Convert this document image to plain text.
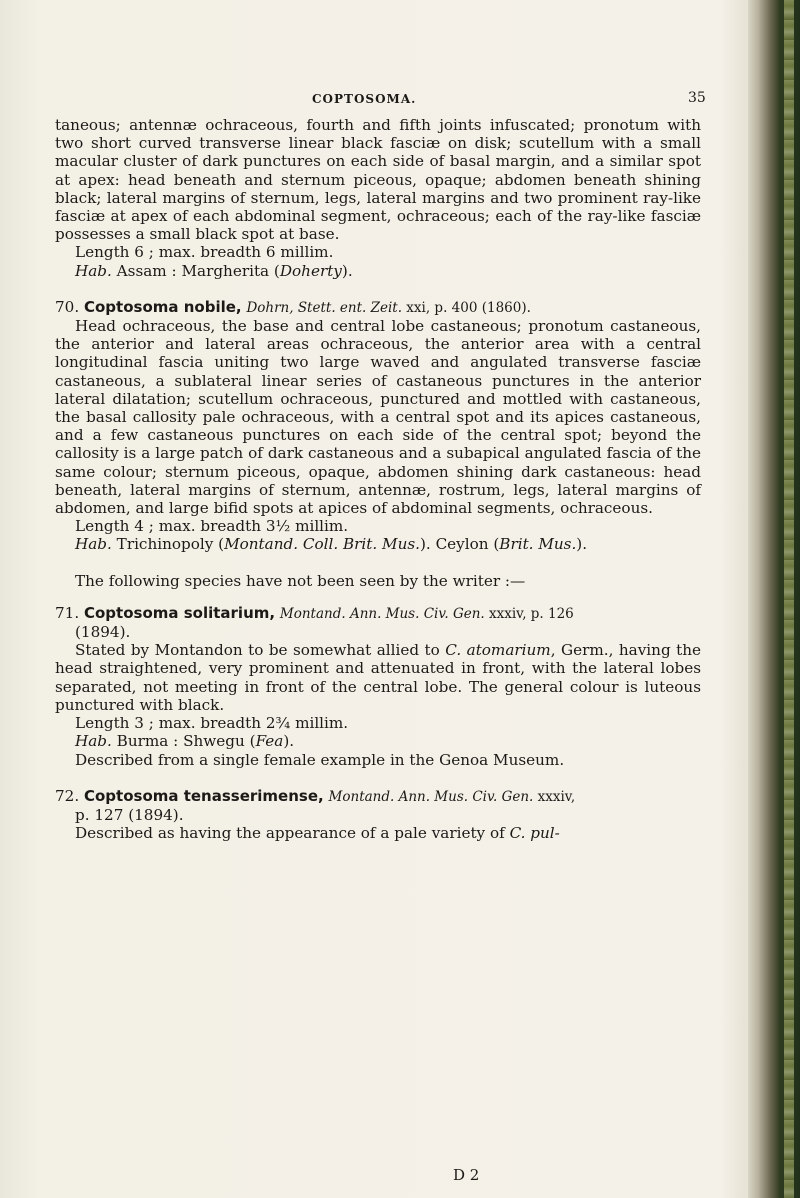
COPTOSOMA.	35

taneous; antennæ ochraceous, fourth and fifth joints infuscated; pronotum with two short curved transverse linear black fasciæ on disk; scutellum with a small macular cluster of dark punctures on each side of basal margin, and a similar spot at apex: head beneath and sternum piceous, opaque; abdomen beneath shining black; lateral margins of sternum, legs, lateral margins and two prominent ray-like fasciæ at apex of each abdominal segment, ochraceous; each of the ray-like fasciæ possesses a small black spot at base.

Length 6 ; max. breadth 6 millim.

Hab. Assam : Margherita (Doherty).

70. Coptosoma nobile, Dohrn, Stett. ent. Zeit. xxi, p. 400 (1860).

Head ochraceous, the base and central lobe castaneous; pronotum castaneous, the anterior and lateral areas ochraceous, the anterior area with a central longitudinal fascia uniting two large waved and angulated transverse fasciæ castaneous, a sublateral linear series of castaneous punctures in the anterior lateral dilatation; scutellum ochraceous, punctured and mottled with castaneous, the basal callosity pale ochraceous, with a central spot and its apices castaneous, and a few castaneous punctures on each side of the central spot; beyond the callosity is a large patch of dark castaneous and a subapical angulated fascia of the same colour; sternum piceous, opaque, abdomen shining dark castaneous: head beneath, lateral margins of sternum, antennæ, rostrum, legs, lateral margins of abdomen, and large bifid spots at apices of abdominal segments, ochraceous.

Length 4 ; max. breadth 3½ millim.

Hab. Trichinopoly (Montand. Coll. Brit. Mus.). Ceylon (Brit. Mus.).

The following species have not been seen by the writer :—

71. Coptosoma solitarium, Montand. Ann. Mus. Civ. Gen. xxxiv, p. 126

(1894).

Stated by Montandon to be somewhat allied to C. atomarium, Germ., having the head straightened, very prominent and attenuated in front, with the lateral lobes separated, not meeting in front of the central lobe. The general colour is luteous punctured with black.

Length 3 ; max. breadth 2¾ millim.

Hab. Burma : Shwegu (Fea).

Described from a single female example in the Genoa Museum.

72. Coptosoma tenasserimense, Montand. Ann. Mus. Civ. Gen. xxxiv,

p. 127 (1894).

Described as having the appearance of a pale variety of C. pul-

D 2
